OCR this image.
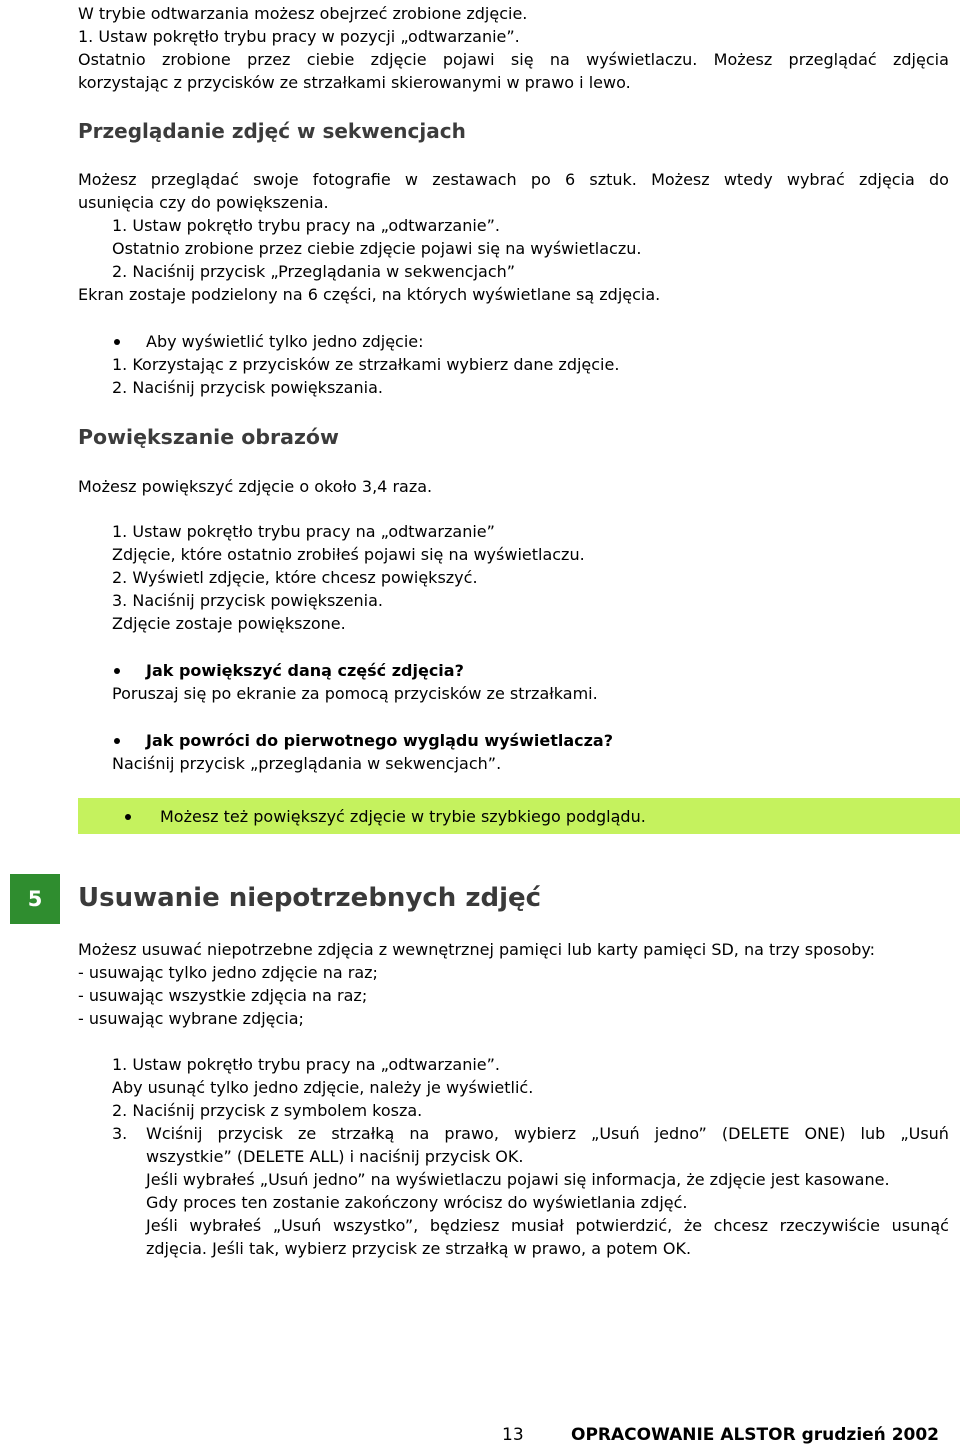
W trybie odtwarzania możesz obejrzeć zrobione zdjęcie.
1. Ustaw pokrętło trybu pracy w pozycji „odtwarzanie”.
Ostatnio zrobione przez ciebie zdjęcie pojawi się na wyświetlaczu. Możesz przeglądać zdjęcia
korzystając z przycisków ze strzałkami skierowanymi w prawo i lewo.
Przeglądanie zdjęć w sekwencjach
Możesz przeglądać swoje fotografie w zestawach po 6 sztuk. Możesz wtedy wybrać zdjęcia do
usunięcia czy do powiększenia.
1. Ustaw pokrętło trybu pracy na „odtwarzanie”.
Ostatnio zrobione przez ciebie zdjęcie pojawi się na wyświetlaczu.
2. Naciśnij przycisk „Przeglądania w sekwencjach”
Ekran zostaje podzielony na 6 części, na których wyświetlane są zdjęcia.
Aby wyświetlić tylko jedno zdjęcie:
1. Korzystając z przycisków ze strzałkami wybierz dane zdjęcie.
2. Naciśnij przycisk powiększania.
Powiększanie obrazów
Możesz powiększyć zdjęcie o około 3,4 raza.
1. Ustaw pokrętło trybu pracy na „odtwarzanie”
Zdjęcie, które ostatnio zrobiłeś pojawi się na wyświetlaczu.
2. Wyświetl zdjęcie, które chcesz powiększyć.
3. Naciśnij przycisk powiększenia.
Zdjęcie zostaje powiększone.
Jak powiększyć daną część zdjęcia?
Poruszaj się po ekranie za pomocą przycisków ze strzałkami.
Jak powróci do pierwotnego wyglądu wyświetlacza?
Naciśnij przycisk „przeglądania w sekwencjach”.
Możesz też powiększyć zdjęcie w trybie szybkiego podglądu.
5	Usuwanie niepotrzebnych zdjęć
Możesz usuwać niepotrzebne zdjęcia z wewnętrznej pamięci lub karty pamięci SD, na trzy sposoby:
- usuwając tylko jedno zdjęcie na raz;
- usuwając wszystkie zdjęcia na raz;
- usuwając wybrane zdjęcia;
1. Ustaw pokrętło trybu pracy na „odtwarzanie”.
Aby usunąć tylko jedno zdjęcie, należy je wyświetlić.
2. Naciśnij przycisk z symbolem kosza.
3. Wciśnij przycisk ze strzałką na prawo, wybierz „Usuń jedno” (DELETE ONE) lub „Usuń
wszystkie” (DELETE ALL) i naciśnij przycisk OK.
Jeśli wybrałeś „Usuń jedno” na wyświetlaczu pojawi się informacja, że zdjęcie jest kasowane.
Gdy proces ten zostanie zakończony wrócisz do wyświetlania zdjęć.
Jeśli wybrałeś „Usuń wszystko”, będziesz musiał potwierdzić, że chcesz rzeczywiście usunąć
zdjęcia. Jeśli tak, wybierz przycisk ze strzałką w prawo, a potem OK.
13	OPRACOWANIE ALSTOR grudzień 2002
